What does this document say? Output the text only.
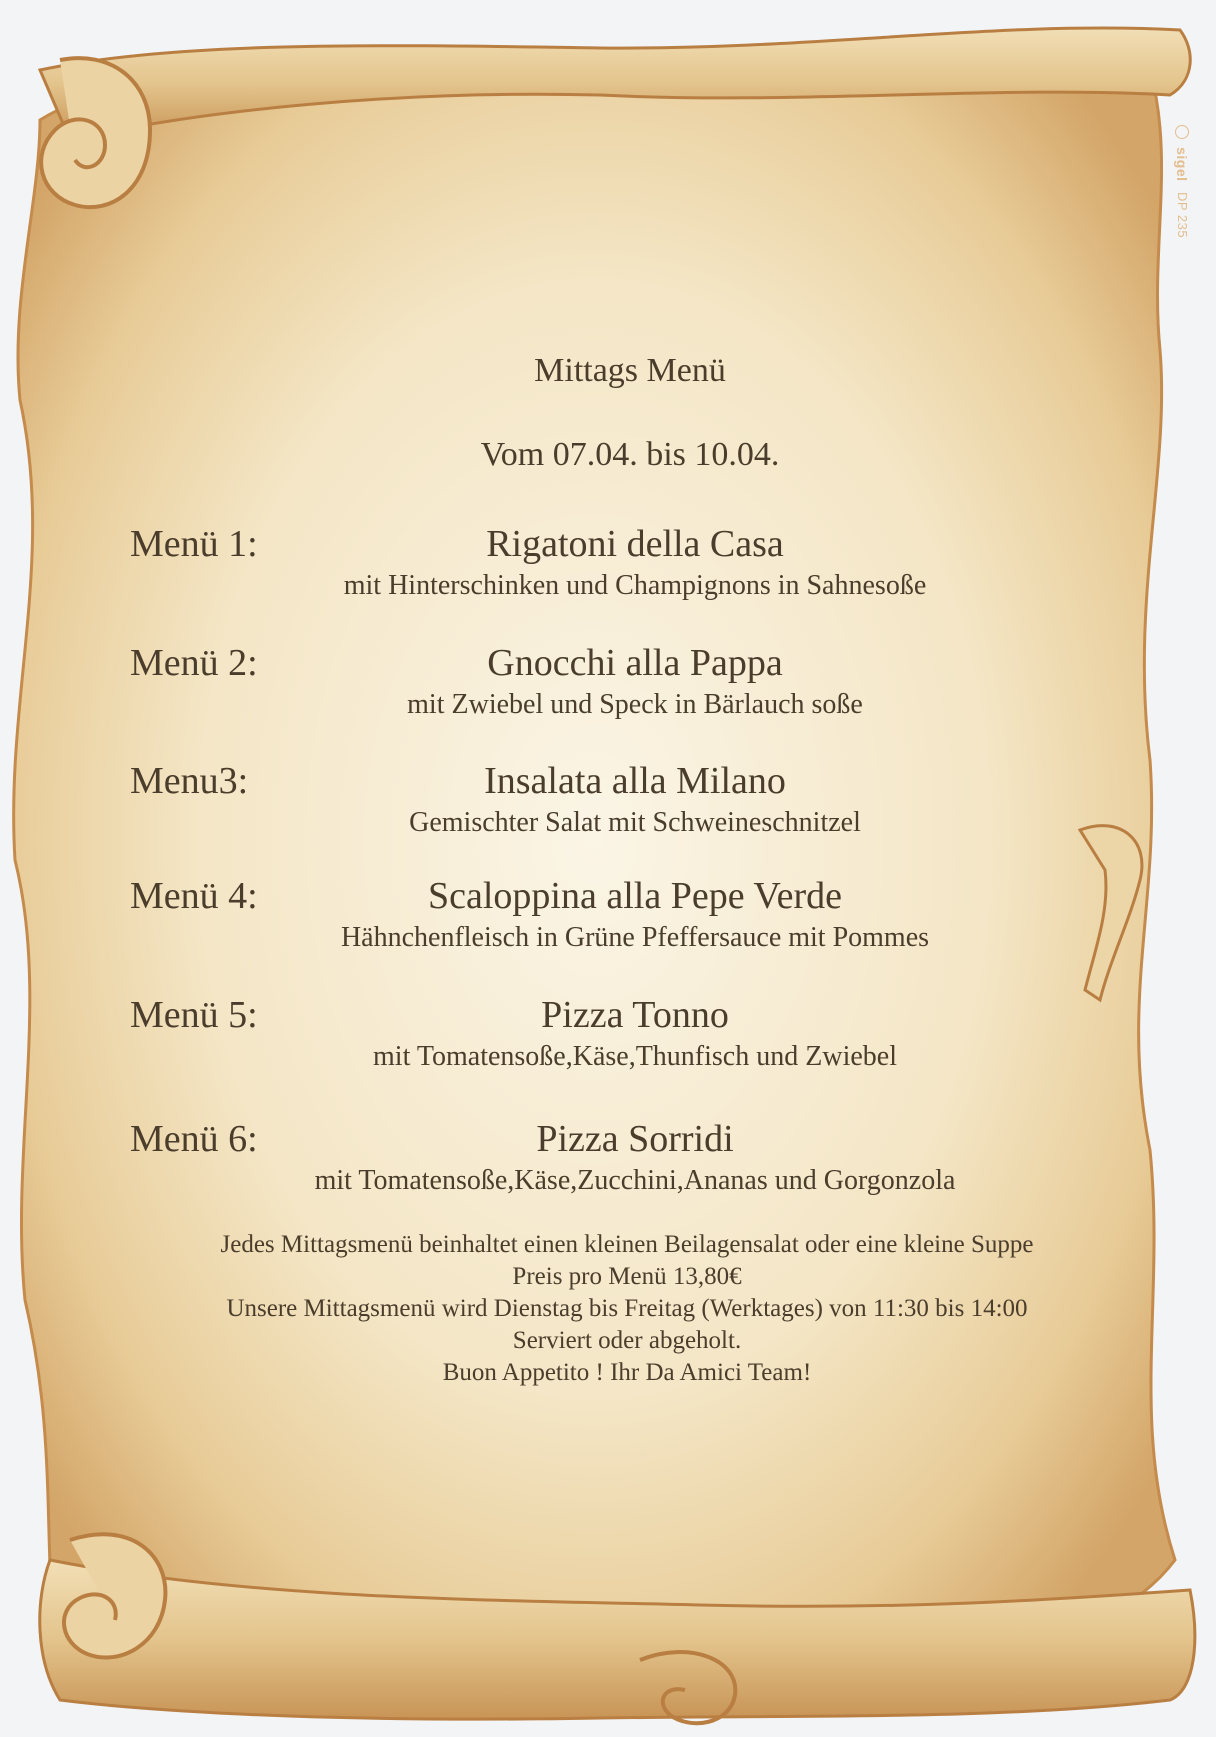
sigel DP 235
Mittags Menü
Vom 07.04. bis 10.04.
Menü 1:	Rigatoni della Casa
mit Hinterschinken und Champignons in Sahnesoße
Menü 2:	Gnocchi alla Pappa
mit Zwiebel und Speck in Bärlauch soße
Menu3:	Insalata alla Milano
Gemischter Salat mit Schweineschnitzel
Menü 4:	Scaloppina alla Pepe Verde
Hähnchenfleisch in Grüne Pfeffersauce mit Pommes
Menü 5:	Pizza Tonno
mit Tomatensoße,Käse,Thunfisch und Zwiebel
Menü 6:	Pizza Sorridi
mit Tomatensoße,Käse,Zucchini,Ananas und Gorgonzola
Jedes Mittagsmenü beinhaltet einen kleinen Beilagensalat oder eine kleine Suppe
Preis pro Menü 13,80€
Unsere Mittagsmenü wird Dienstag bis Freitag (Werktages) von 11:30 bis 14:00
Serviert oder abgeholt.
Buon Appetito ! Ihr Da Amici Team!
